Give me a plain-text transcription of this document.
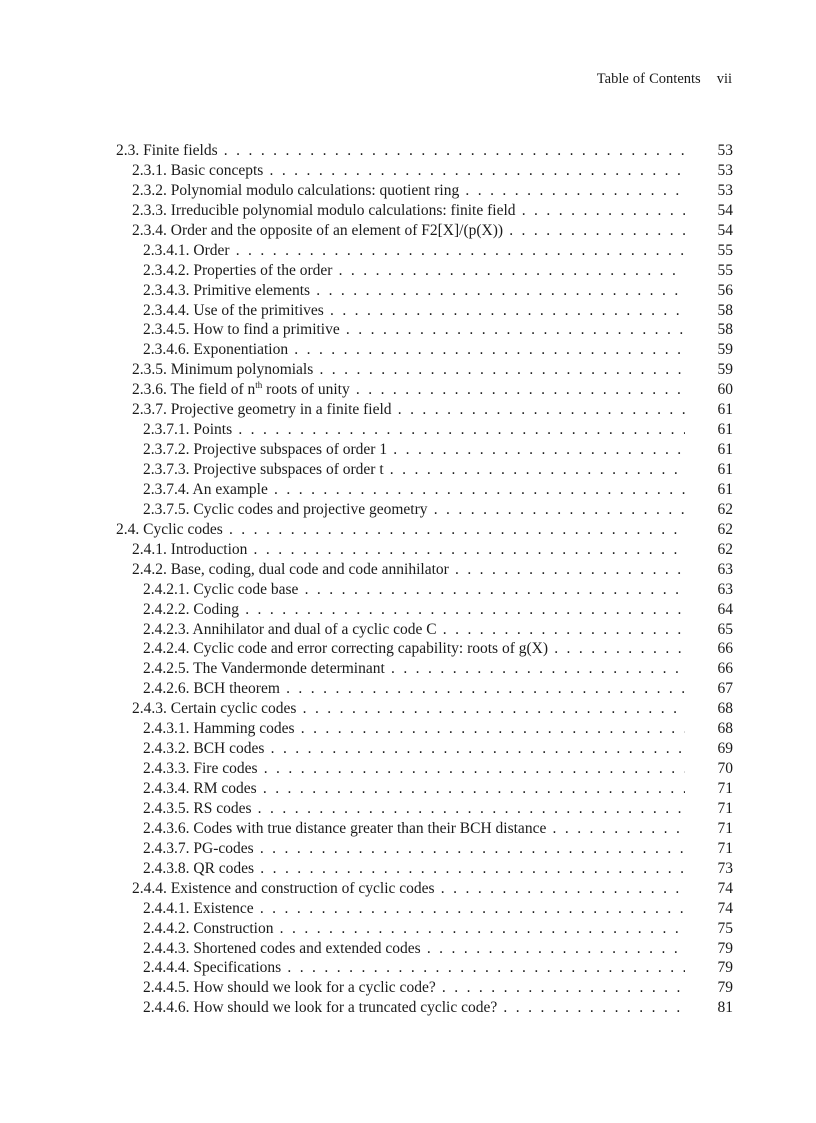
Table of Contents vii
2.3. Finite fields . . .	53
2.3.1. Basic concepts . . .	53
2.3.2. Polynomial modulo calculations: quotient ring . . .	53
2.3.3. Irreducible polynomial modulo calculations: finite field . . .	54
2.3.4. Order and the opposite of an element of F2[X]/(p(X)) . . .	54
2.3.4.1. Order . . .	55
2.3.4.2. Properties of the order . . .	55
2.3.4.3. Primitive elements . . .	56
2.3.4.4. Use of the primitives . . .	58
2.3.4.5. How to find a primitive . . .	58
2.3.4.6. Exponentiation . . .	59
2.3.5. Minimum polynomials . . .	59
2.3.6. The field of $n^{th}$ roots of unity . . .	60
2.3.7. Projective geometry in a finite field . . .	61
2.3.7.1. Points . . .	61
2.3.7.2. Projective subspaces of order 1 . . .	61
2.3.7.3. Projective subspaces of order t . . .	61
2.3.7.4. An example . . .	61
2.3.7.5. Cyclic codes and projective geometry . . .	62
2.4. Cyclic codes . . .	62
2.4.1. Introduction . . .	62
2.4.2. Base, coding, dual code and code annihilator . . .	63
2.4.2.1. Cyclic code base . . .	63
2.4.2.2. Coding . . .	64
2.4.2.3. Annihilator and dual of a cyclic code C . . .	65
2.4.2.4. Cyclic code and error correcting capability: roots of g(X) . . .	66
2.4.2.5. The Vandermonde determinant . . .	66
2.4.2.6. BCH theorem . . .	67
2.4.3. Certain cyclic codes . . .	68
2.4.3.1. Hamming codes . . .	68
2.4.3.2. BCH codes . . .	69
2.4.3.3. Fire codes . . .	70
2.4.3.4. RM codes . . .	71
2.4.3.5. RS codes . . .	71
2.4.3.6. Codes with true distance greater than their BCH distance . . .	71
2.4.3.7. PG-codes . . .	71
2.4.3.8. QR codes . . .	73
2.4.4. Existence and construction of cyclic codes . . .	74
2.4.4.1. Existence . . .	74
2.4.4.2. Construction . . .	75
2.4.4.3. Shortened codes and extended codes . . .	79
2.4.4.4. Specifications . . .	79
2.4.4.5. How should we look for a cyclic code? . . .	79
2.4.4.6. How should we look for a truncated cyclic code? . . .	81
